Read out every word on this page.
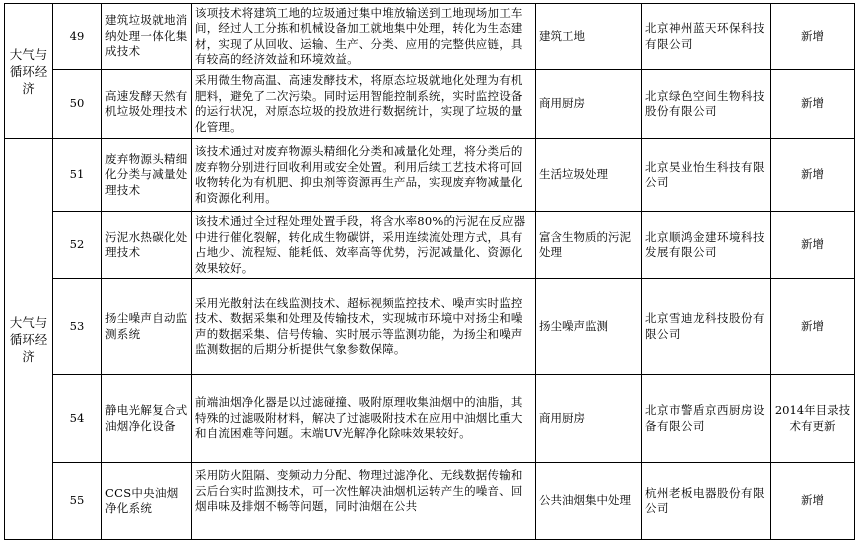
大气与循环经济	49	建筑垃圾就地消纳处理一体化集成技术	该项技术将建筑工地的垃圾通过集中堆放输送到工地现场加工车间，经过人工分拣和机械设备加工就地集中处理，转化为生态建材，实现了从回收、运输、生产、分类、应用的完整供应链，具有较高的经济效益和环境效益。	建筑工地	北京神州蓝天环保科技有限公司	新增
	50	高速发酵天然有机垃圾处理技术	采用微生物高温、高速发酵技术，将原态垃圾就地化处理为有机肥料，避免了二次污染。同时运用智能控制系统，实时监控设备的运行状况，对原态垃圾的投放进行数据统计，实现了垃圾的量化管理。	商用厨房	北京绿色空间生物科技股份有限公司	新增
大气与循环经济	51	废弃物源头精细化分类与减量处理技术	该技术通过对废弃物源头精细化分类和减量化处理，将分类后的废弃物分别进行回收利用或安全处置。利用后续工艺技术将可回收物转化为有机肥、抑虫剂等资源再生产品，实现废弃物减量化和资源化利用。	生活垃圾处理	北京昊业怡生科技有限公司	新增
	52	污泥水热碳化处理技术	该技术通过全过程处理处置手段，将含水率80%的污泥在反应器中进行催化裂解，转化成生物碳饼，采用连续流处理方式，具有占地少、流程短、能耗低、效率高等优势，污泥减量化、资源化效果较好。	富含生物质的污泥处理	北京顺鸿金建环境科技发展有限公司	新增
	53	扬尘噪声自动监测系统	采用光散射法在线监测技术、超标视频监控技术、噪声实时监控技术、数据采集和处理及传输技术，实现城市环境中对扬尘和噪声的数据采集、信号传输、实时展示等监测功能，为扬尘和噪声监测数据的后期分析提供气象参数保障。	扬尘噪声监测	北京雪迪龙科技股份有限公司	新增
	54	静电光解复合式油烟净化设备	前端油烟净化器是以过滤碰撞、吸附原理收集油烟中的油脂，其特殊的过滤吸附材料，解决了过滤吸附技术在应用中油烟比重大和自流困难等问题。末端UV光解净化除味效果较好。	商用厨房	北京市警盾京西厨房设备有限公司	2014年目录技术有更新
	55	CCS中央油烟净化系统	采用防火阻隔、变频动力分配、物理过滤净化、无线数据传输和云后台实时监测技术，可一次性解决油烟机运转产生的噪音、回烟串味及排烟不畅等问题，同时油烟在公共	公共油烟集中处理	杭州老板电器股份有限公司	新增
